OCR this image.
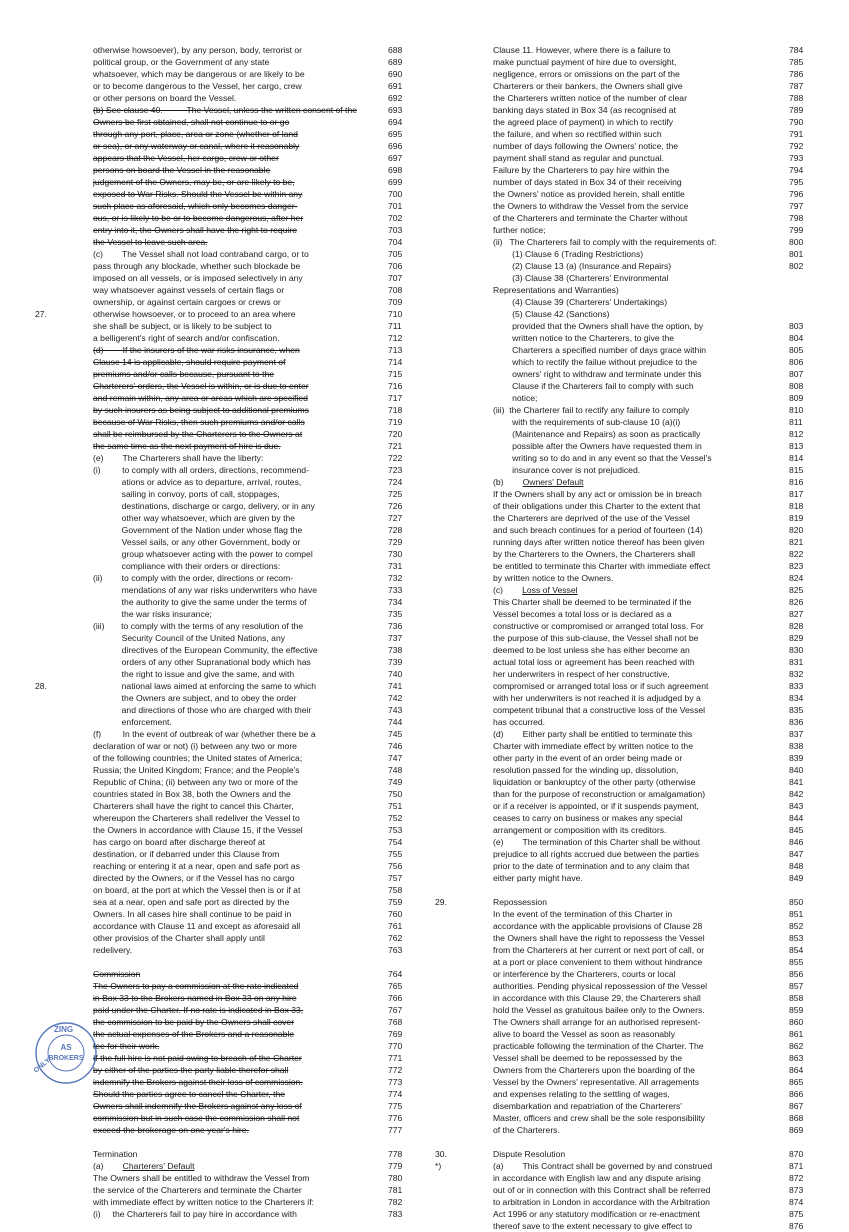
otherwise howsoever), by any person, body, terrorist or	688
political group, or the Government of any state	689
whatsoever, which may be dangerous or are likely to be	690
or to become dangerous to the Vessel, her cargo, crew	691
or other persons on board the Vessel.	692
(b) See clause 40.          The Vessel, unless the written consent of the	693
Owners be first obtained, shall not continue to or go	694
through any port, place, area or zone (whether of land	695
or sea), or any waterway or canal, where it reasonably	696
appears that the Vessel, her cargo, crew or other	697
persons on board the Vessel in the reasonable	698
judgement of the Owners, may be, or are likely to be,	699
exposed to War Risks. Should the Vessel be within any	700
such place as aforesaid, which only becomes danger-	701
ous, or is likely to be or to become dangerous, after her	702
entry into it, the Owners shall have the right to require	703
the Vessel to leave such area.	704
(c)        The Vessel shall not load contraband cargo, or to	705
pass through any blockade, whether such blockade be	706
imposed on all vessels, or is imposed selectively in any	707
way whatsoever against vessels of certain flags or	708
ownership, or against certain cargoes or crews or	709
otherwise howsoever, or to proceed to an area where	710
she shall be subject, or is likely to be subject to	711
a belligerent's right of search and/or confiscation.	712
(d)        If the insurers of the war risks insurance, when	713
Clause 14 is applicable, should require payment of	714
premiums and/or calls because, pursuant to the	715
Charterers' orders, the Vessel is within, or is due to enter	716
and remain within, any area or areas which are specified	717
by such insurers as being subject to additional premiums	718
because of War Risks, then such premiums and/or calls	719
shall be reimbursed by the Charterers to the Owners at	720
the same time as the next payment of hire is due.	721
(e)        The Charterers shall have the liberty:	722
(i)         to comply with all orders, directions, recommend-	723
ations or advice as to departure, arrival, routes,	724
sailing in convoy, ports of call, stoppages,	725
destinations, discharge or cargo, delivery, or in any	726
other way whatsoever, which are given by the	727
Government of the Nation under whose flag the	728
Vessel sails, or any other Government, body or	729
group whatsoever acting with the power to compel	730
compliance with their orders or directions:	731
(ii)        to comply with the order, directions or recom-	732
mendations of any war risks underwriters who have	733
the authority to give the same under the terms of	734
the war risks insurance;	735
(iii)       to comply with the terms of any resolution of the	736
Security Council of the United Nations, any	737
directives of the European Community, the effective	738
orders of any other Supranational body which has	739
the right to issue and give the same, and with	740
national laws aimed at enforcing the same to which	741
the Owners are subject, and to obey the order	742
and directions of those who are charged with their	743
enforcement.	744
(f)         In the event of outbreak of war (whether there be a	745
declaration of war or not) (i) between any two or more	746
of the following countries; the United states of America;	747
Russia; the United Kingdom; France; and the People's	748
Republic of China; (ii) between any two or more of the	749
countries stated in Box 38, both the Owners and the	750
Charterers shall have the right to cancel this Charter,	751
whereupon the Charterers shall redeliver the Vessel to	752
the Owners in accordance with Clause 15, if the Vessel	753
has cargo on board after discharge thereof at	754
destination, or if debarred under this Clause from	755
reaching or entering it at a near, open and safe port as	756
directed by the Owners, or if the Vessel has no cargo	757
on board, at the port at which the Vessel then is or if at	758
sea at a near, open and safe port as directed by the	759
Owners. In all cases hire shall continue to be paid in	760
accordance with Clause 11 and except as aforesaid all	761
other provisios of the Charter shall apply until	762
redelivery.	763
Commission	764
The Owners to pay a commission at the rate indicated	765
in Box 33 to the Brokers named in Box 33 on any hire	766
paid under the Charter. If no rate is indicated in Box 33,	767
the commission to be paid by the Owners shall cover	768
the actual expenses of the Brokers and a reasonable	769
fee for their work.	770
If the full hire is not paid owing to breach of the Charter	771
by either of the parties the party liable therefor shall	772
indemnify the Brokers against their loss of commission.	773
Should the parties agree to cancel the Charter, the	774
Owners shall indemnify the Brokers against any loss of	775
commission but in such case the commission shall not	776
exceed the brokerage on one year's hire.	777
Termination	778
(a)        Charterers' Default	779
The Owners shall be entitled to withdraw the Vessel from	780
the service of the Charterers and terminate the Charter	781
with immediate effect by written notice to the Charterers if:	782
(i)     the Charterers fail to pay hire in accordance with	783
27.
28.
Clause 11. However, where there is a failure to	784
make punctual payment of hire due to oversight,	785
negligence, errors or omissions on the part of the	786
Charterers or their bankers, the Owners shall give	787
the Charterers written notice of the number of clear	788
banking days stated in Box 34 (as recognised at	789
the agreed place of payment) in which to rectify	790
the failure, and when so rectified within such	791
number of days following the Owners' notice, the	792
payment shall stand as regular and punctual.	793
Failure by the Charterers to pay hire within the	794
number of days stated in Box 34 of their receiving	795
the Owners' notice as provided herein, shall entitle	796
the Owners to withdraw the Vessel from the service	797
of the Charterers and terminate the Charter without	798
further notice;	799
(ii)   The Charterers fail to comply with the requirements of:	800
(1) Clause 6 (Trading Restrictions)	801
(2) Clause 13 (a) (Insurance and Repairs)	802
(3) Clause 38 (Charterers' Environmental
Representations and Warranties)
(4) Clause 39 (Charterers' Undertakings)
(5) Clause 42 (Sanctions)
provided that the Owners shall have the option, by	803
written notice to the Charterers, to give the	804
Charterers a specified number of days grace within	805
which to rectify the failue without prejudice to the	806
owners' right to withdraw and terminate under this	807
Clause if the Charterers fail to comply with such	808
notice;	809
(iii)  the Charterer fail to rectify any failure to comply	810
with the requirements of sub-clause 10 (a)(i)	811
(Maintenance and Repairs) as soon as practically	812
possible after the Owners have requested them in	813
writing so to do and in any event so that the Vessel's	814
insurance cover is not prejudiced.	815
(b)        Owners' Default	816
If the Owners shall by any act or omission be in breach	817
of their obligations under this Charter to the extent that	818
the Charterers are deprived of the use of the Vessel	819
and such breach continues for a period of fourteen (14)	820
running days after written notice thereof has been given	821
by the Charterers to the Owners, the Charterers shall	822
be entitled to terminate this Charter with immediate effect	823
by written notice to the Owners.	824
(c)        Loss of Vessel	825
This Charter shall be deemed to be terminated if the	826
Vessel becomes a total loss or is declared as a	827
constructive or compromised or arranged total loss. For	828
the purpose of this sub-clause, the Vessel shall not be	829
deemed to be lost unless she has either become an	830
actual total loss or agreement has been reached with	831
her underwriters in respect of her constructive,	832
compromised or arranged total loss or if such agreement	833
with her underwriters is not reached it is adjudged by a	834
competent tribunal that a constructive loss of the Vessel	835
has occurred.	836
(d)        Either party shall be entitled to terminate this	837
Charter with immediate effect by written notice to the	838
other party in the event of an order being made or	839
resolution passed for the winding up, dissolution,	840
liquidation or bankruptcy of the other party (otherwise	841
than for the purpose of reconstruction or amalgamation)	842
or if a receiver is appointed, or if it suspends payment,	843
ceases to carry on business or makes any special	844
arrangement or composition with its creditors.	845
(e)        The termination of this Charter shall be without	846
prejudice to all rights accrued due between the parties	847
prior to the date of termination and to any claim that	848
either party might have.	849
Repossession	850
In the event of the termination of this Charter in	851
accordance with the applicable provisions of Clause 28	852
the Owners shall have the right to repossess the Vessel	853
from the Charterers at her current or next port of call, or	854
at a port or place convenient to them without hindrance	855
or interference by the Charterers, courts or local	856
authorities. Pending physical repossession of the Vessel	857
in accordance with this Clause 29, the Charterers shall	858
hold the Vessel as gratuitous bailee only to the Owners.	859
The Owners shall arrange for an authorised represent-	860
alive to board the Vessel as soon as reasonably	861
practicable following the termination of the Charter. The	862
Vessel shall be deemed to be repossessed by the	863
Owners from the Charterers upon the boarding of the	864
Vessel by the Owners' representative. All arragements	865
and expenses relating to the settling of wages,	866
disembarkation and repatriation of the Charterers'	867
Master, officers and crew shall be the sole responsibility	868
of the Charterers.	869
Dispute Resolution	870
(a)        This Contract shall be governed by and construed	871
in accordance with English law and any dispute arising	872
out of or in connection with this Contract shall be referred	873
to arbitration in London in accordance with the Arbitration	874
Act 1996 or any statutory modification or re-enactment	875
thereof save to the extent necessary to give effect to	876
29.
30.
*)
AS
BROKERS
ZING
ONLY
